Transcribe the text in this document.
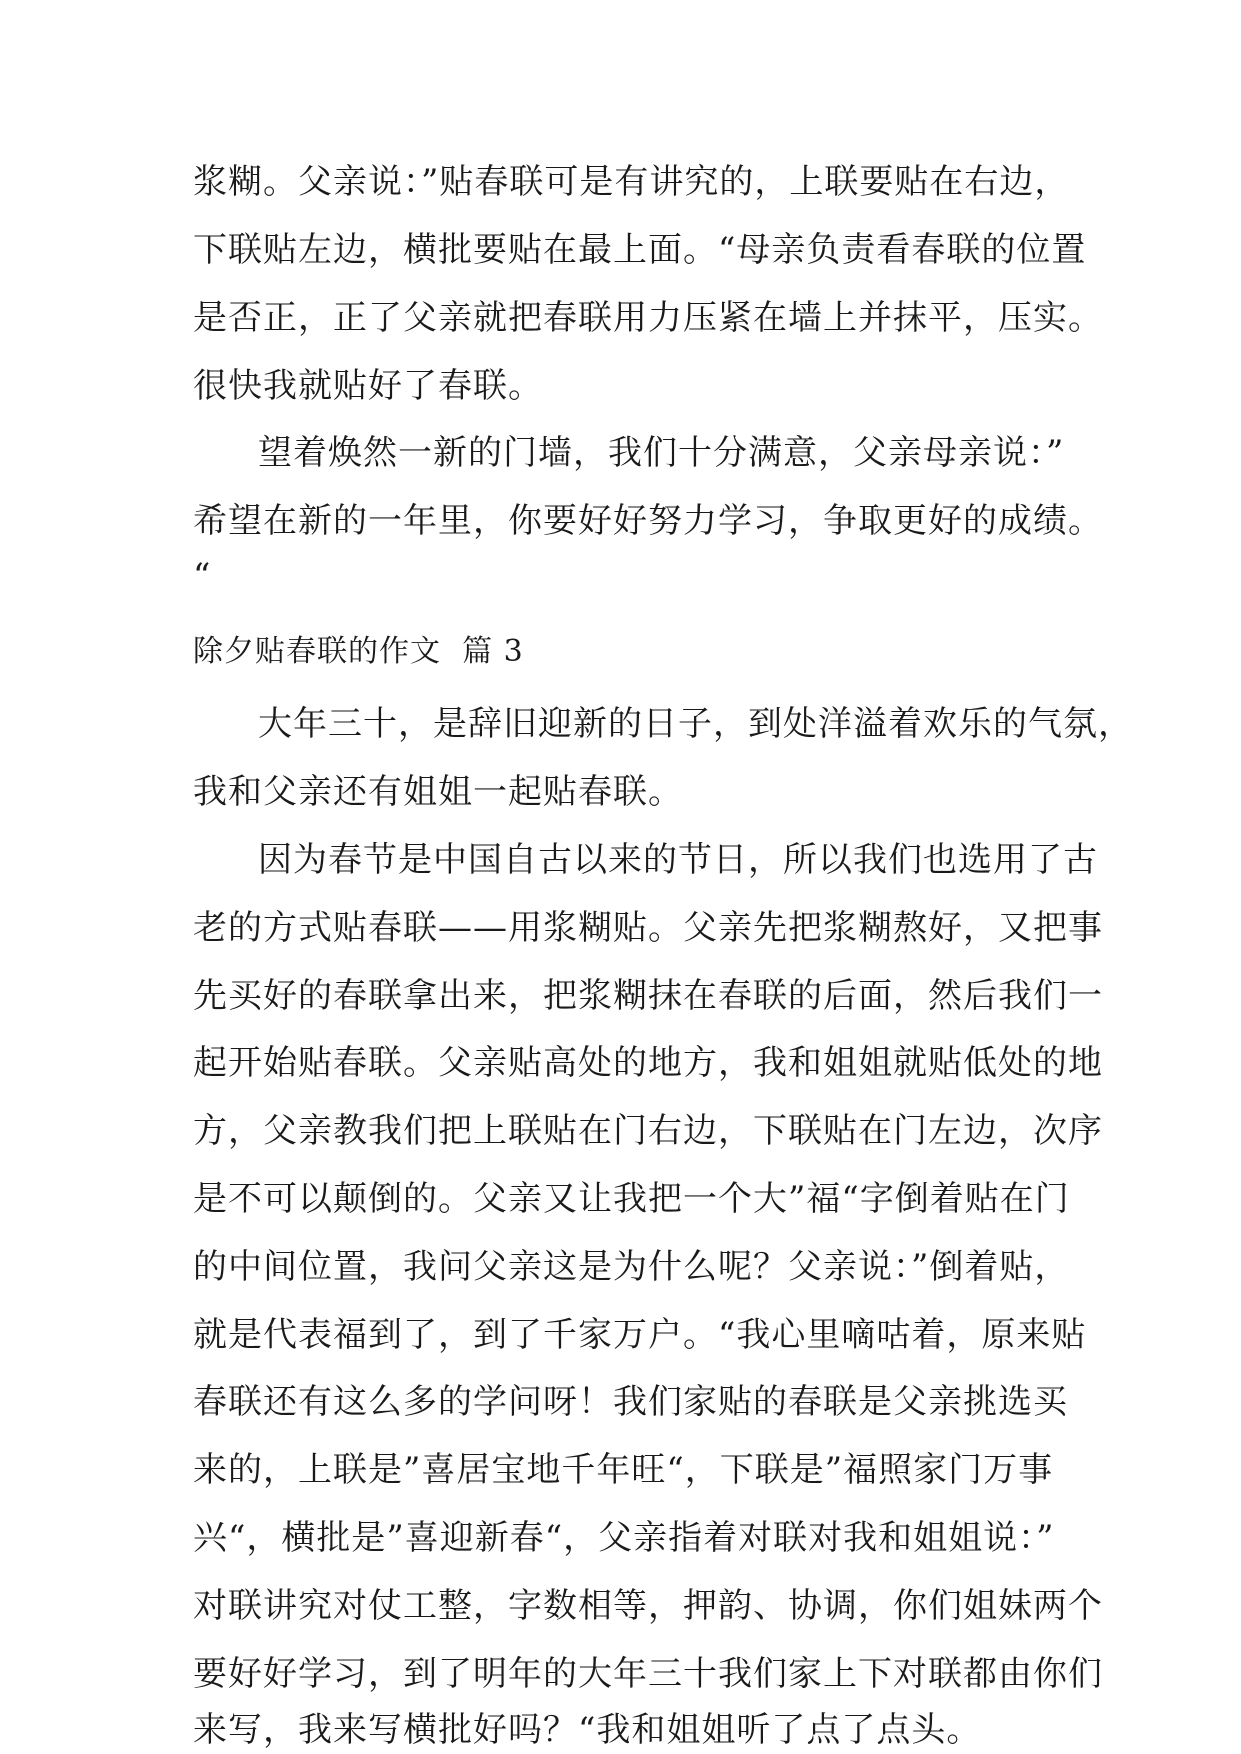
浆糊。父亲说：”贴春联可是有讲究的，上联要贴在右边，
下联贴左边，横批要贴在最上面。“母亲负责看春联的位置
是否正，正了父亲就把春联用力压紧在墙上并抹平，压实。
很快我就贴好了春联。
望着焕然一新的门墙，我们十分满意，父亲母亲说：”
希望在新的一年里，你要好好努力学习，争取更好的成绩。
“
除夕贴春联的作文  篇 3
大年三十，是辞旧迎新的日子，到处洋溢着欢乐的气氛，
我和父亲还有姐姐一起贴春联。
因为春节是中国自古以来的节日，所以我们也选用了古
老的方式贴春联——用浆糊贴。父亲先把浆糊熬好，又把事
先买好的春联拿出来，把浆糊抹在春联的后面，然后我们一
起开始贴春联。父亲贴高处的地方，我和姐姐就贴低处的地
方，父亲教我们把上联贴在门右边，下联贴在门左边，次序
是不可以颠倒的。父亲又让我把一个大”福“字倒着贴在门
的中间位置，我问父亲这是为什么呢？父亲说：”倒着贴，
就是代表福到了，到了千家万户。“我心里嘀咕着，原来贴
春联还有这么多的学问呀！我们家贴的春联是父亲挑选买
来的，上联是”喜居宝地千年旺“，下联是”福照家门万事
兴“，横批是”喜迎新春“，父亲指着对联对我和姐姐说：”
对联讲究对仗工整，字数相等，押韵、协调，你们姐妹两个
要好好学习，到了明年的大年三十我们家上下对联都由你们
来写，我来写横批好吗？“我和姐姐听了点了点头。
